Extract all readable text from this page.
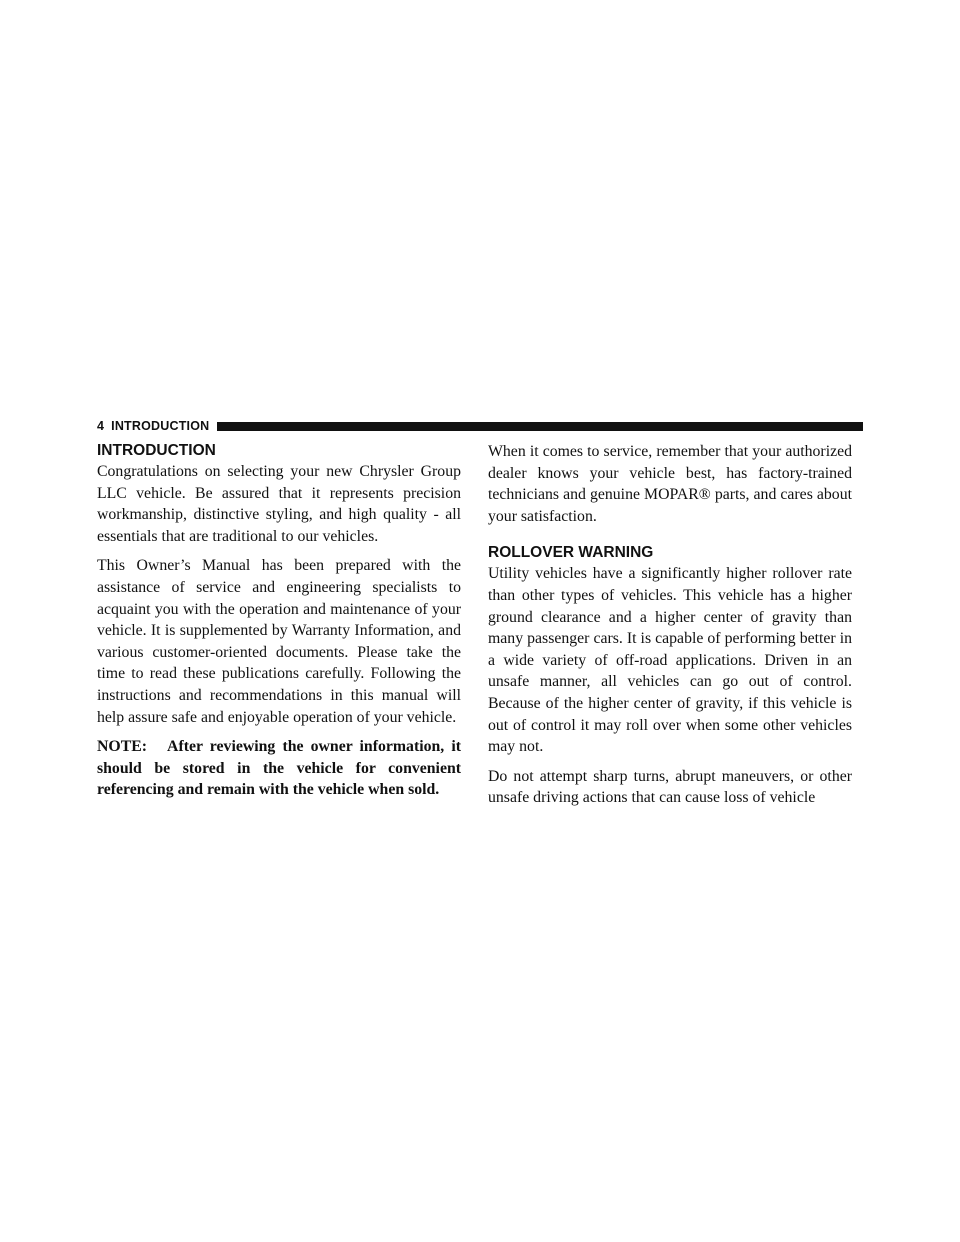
4 INTRODUCTION
INTRODUCTION

Congratulations on selecting your new Chrysler Group LLC vehicle. Be assured that it represents precision workmanship, distinctive styling, and high quality - all essentials that are traditional to our vehicles.

This Owner’s Manual has been prepared with the assistance of service and engineering specialists to acquaint you with the operation and maintenance of your vehicle. It is supplemented by Warranty Information, and various customer-oriented documents. Please take the time to read these publications carefully. Following the instructions and recommendations in this manual will help assure safe and enjoyable operation of your vehicle.

NOTE: After reviewing the owner information, it should be stored in the vehicle for convenient referencing and remain with the vehicle when sold.

When it comes to service, remember that your authorized dealer knows your vehicle best, has factory-trained technicians and genuine MOPAR® parts, and cares about your satisfaction.

ROLLOVER WARNING

Utility vehicles have a significantly higher rollover rate than other types of vehicles. This vehicle has a higher ground clearance and a higher center of gravity than many passenger cars. It is capable of performing better in a wide variety of off-road applications. Driven in an unsafe manner, all vehicles can go out of control. Because of the higher center of gravity, if this vehicle is out of control it may roll over when some other vehicles may not.

Do not attempt sharp turns, abrupt maneuvers, or other unsafe driving actions that can cause loss of vehicle
